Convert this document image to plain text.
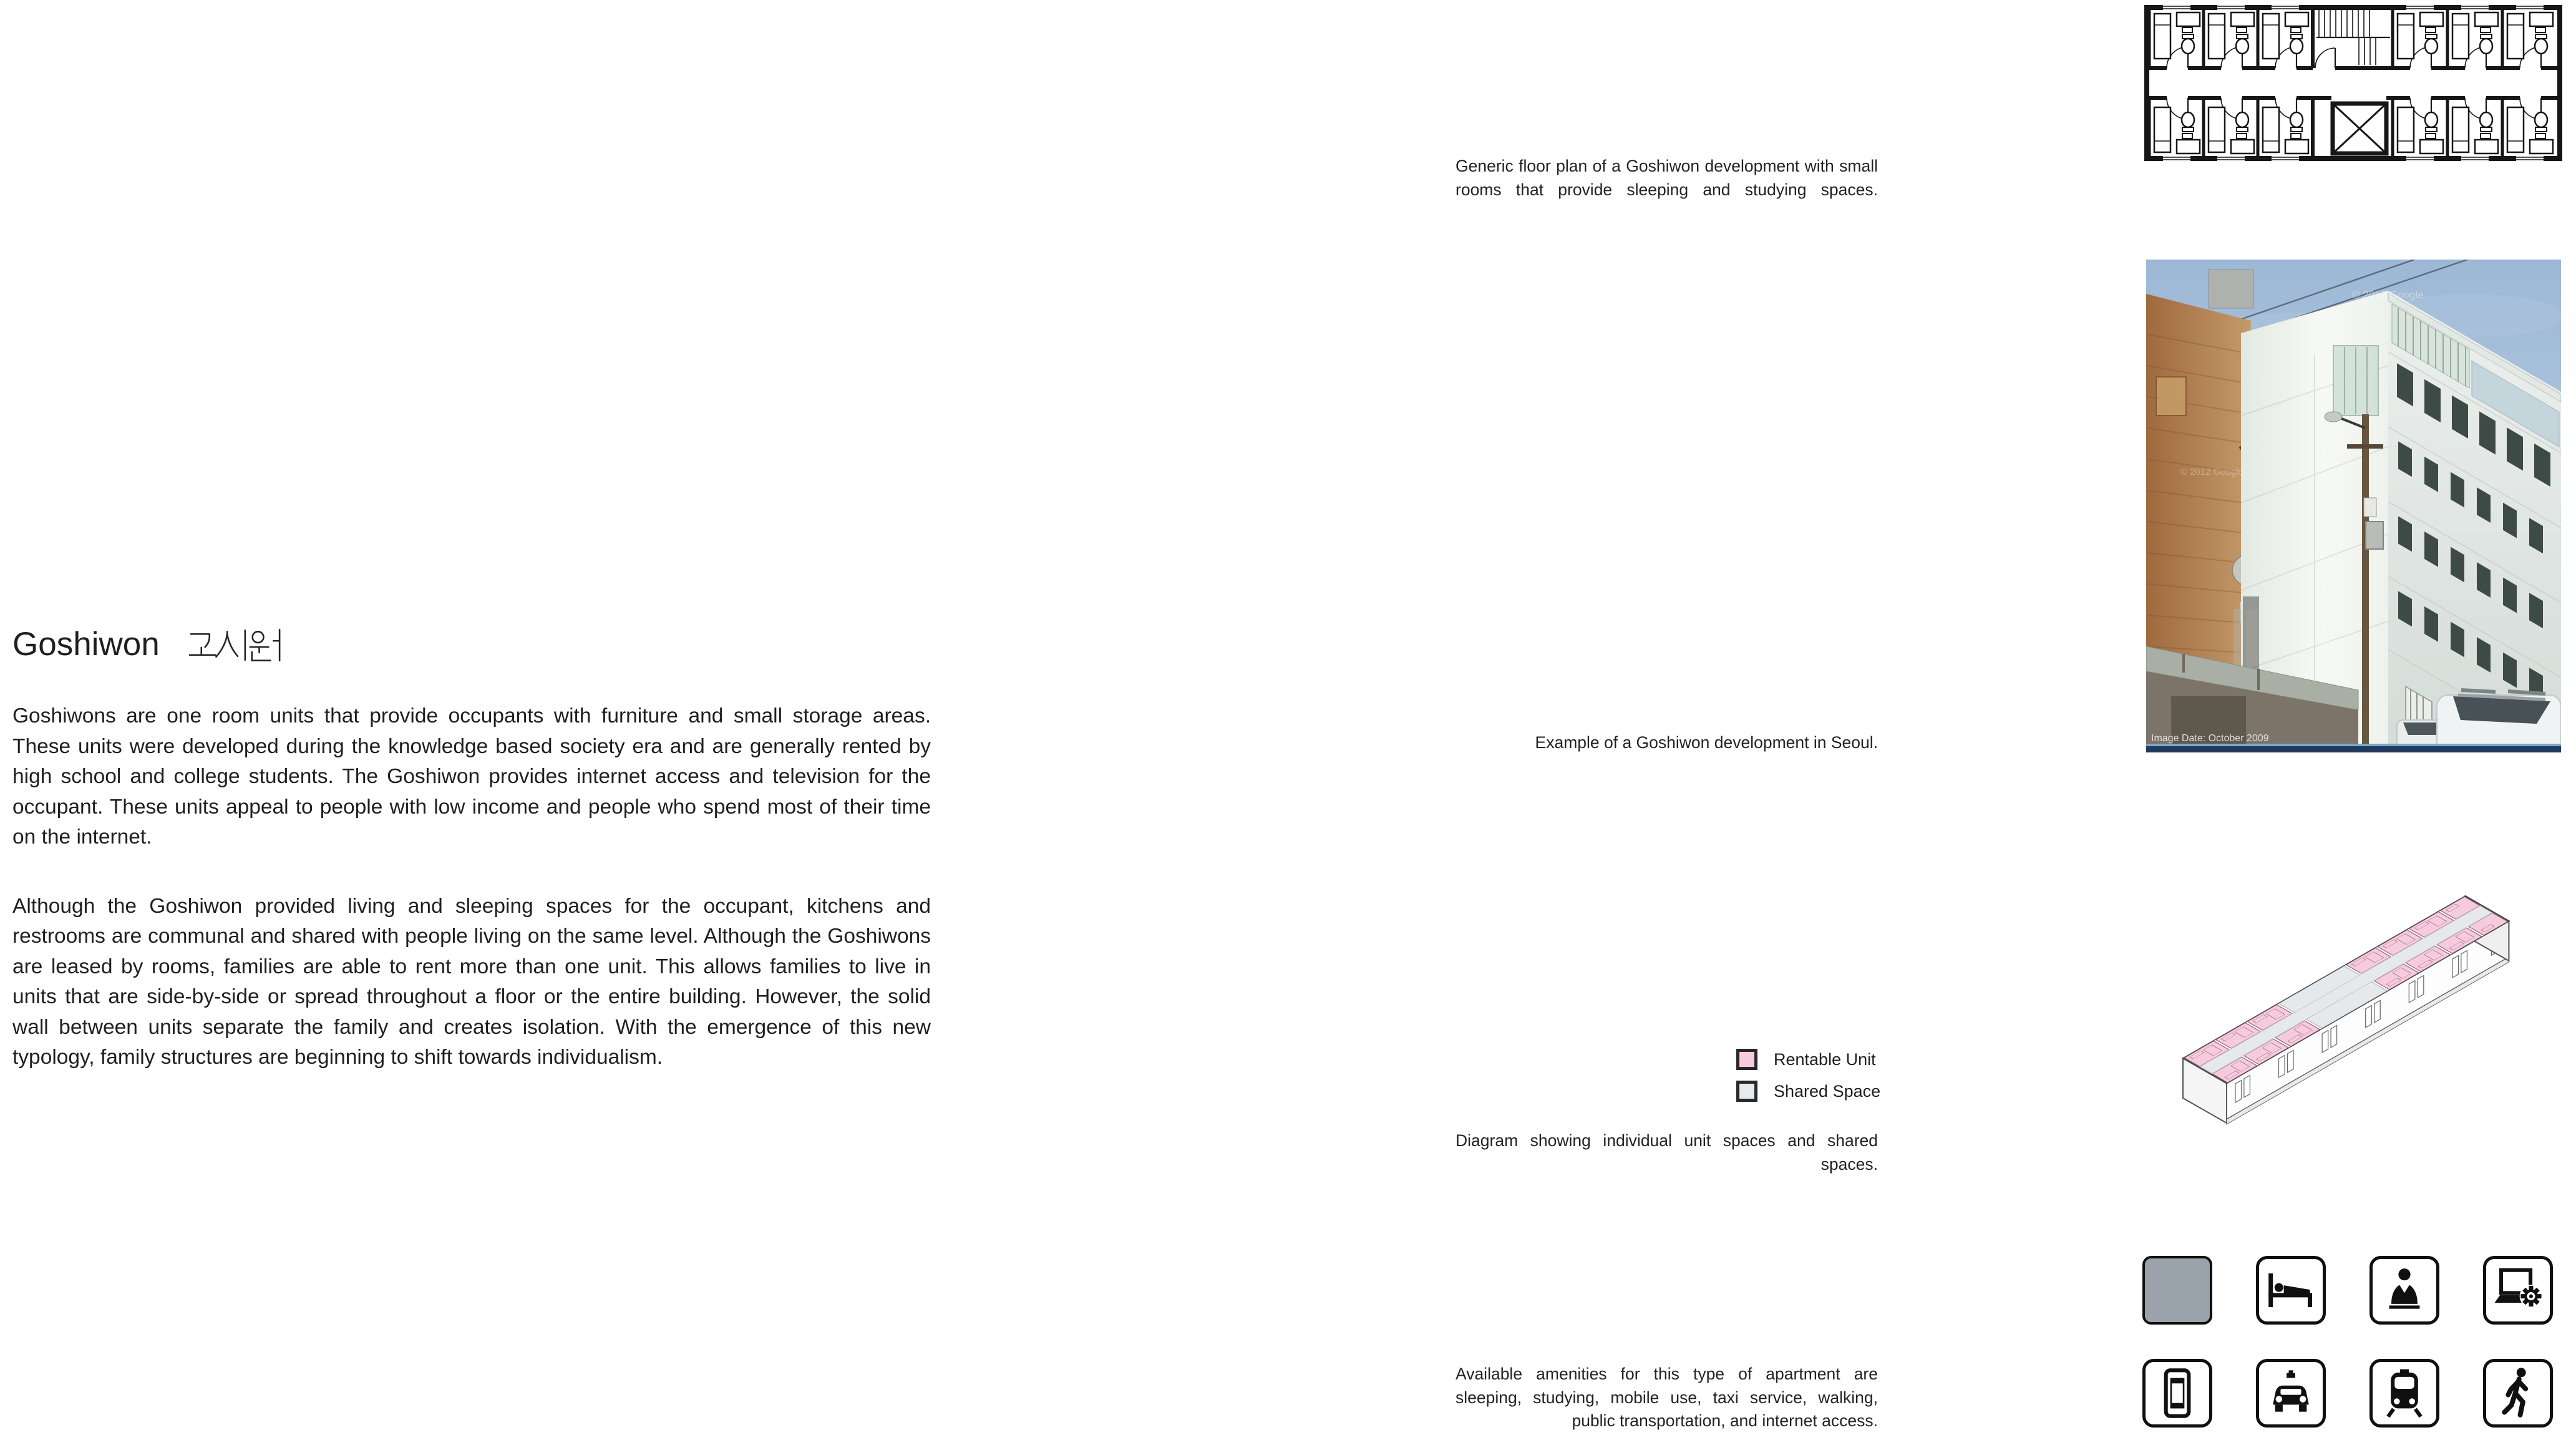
Goshiwon

Goshiwons are one room units that provide occupants with furniture and small storage areas. These units were developed during the knowledge based society era and are generally rented by high school and college students. The Goshiwon provides internet access and television for the occupant. These units appeal to people with low income and people who spend most of their time on the internet.

Although the Goshiwon provided living and sleeping spaces for the occupant, kitchens and restrooms are communal and shared with people living on the same level. Although the Goshiwons are leased by rooms, families are able to rent more than one unit. This allows families to live in units that are side-by-side or spread throughout a floor or the entire building. However, the solid wall between units separate the family and creates isolation. With the emergence of this new typology, family structures are beginning to shift towards individualism.

Generic floor plan of a Goshiwon development with small rooms that provide sleeping and studying spaces.
Example of a Goshiwon development in Seoul.
Rentable Unit
Shared Space
Diagram showing individual unit spaces and shared spaces.
Available amenities for this type of apartment are sleeping, studying, mobile use, taxi service, walking, public transportation, and internet access.
© 2012 Google
© 2012 Google
Image Date: October 2009
